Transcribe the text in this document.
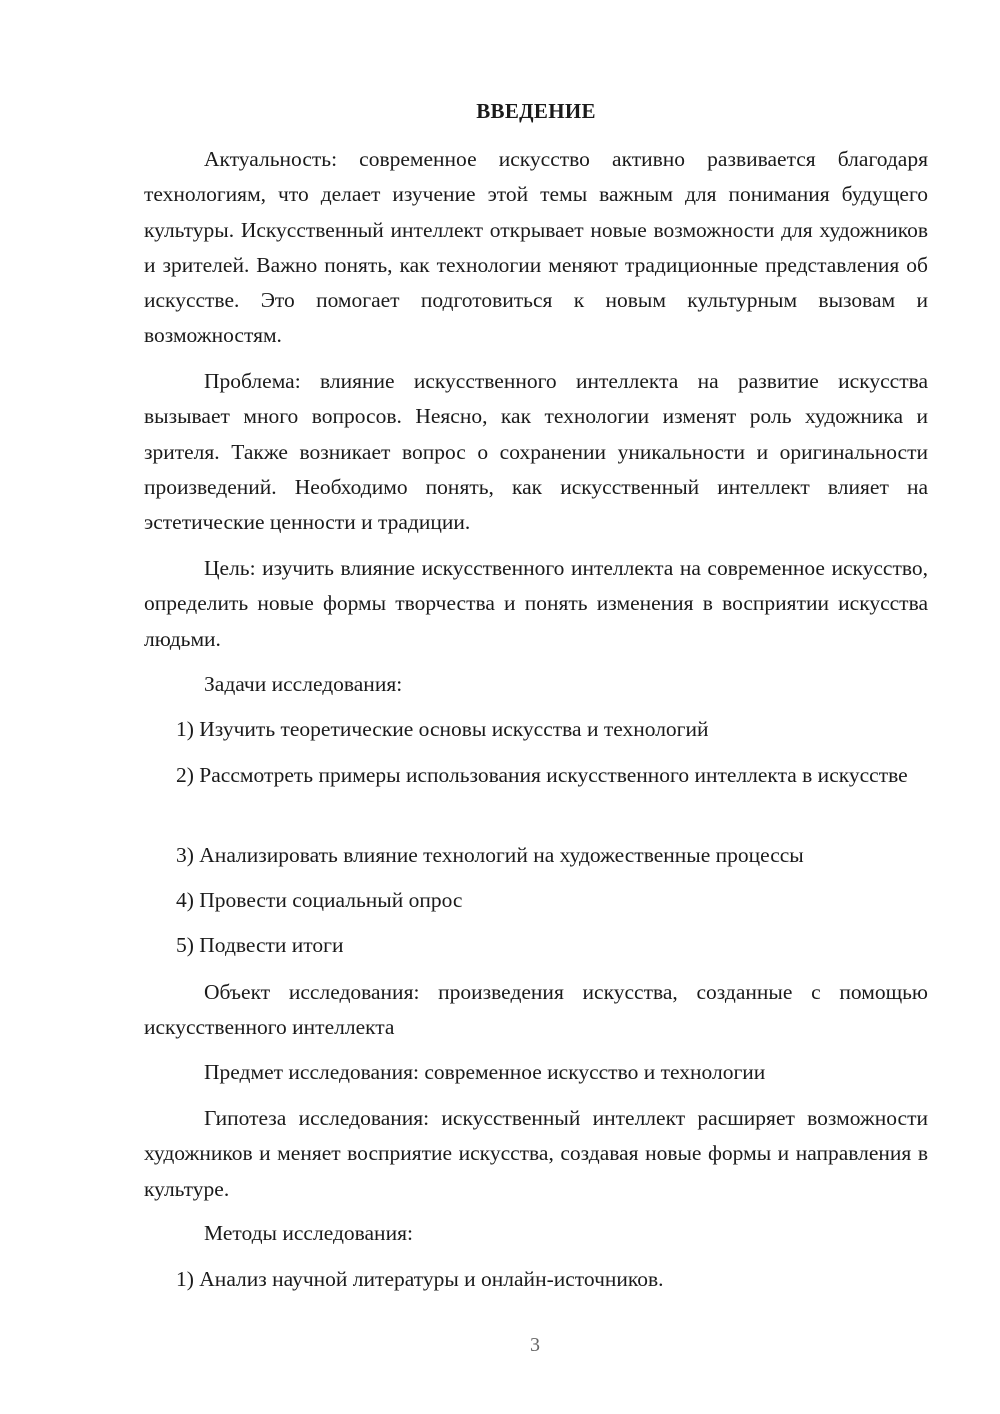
ВВЕДЕНИЕ

Актуальность: современное искусство активно развивается благодаря технологиям, что делает изучение этой темы важным для понимания будущего культуры. Искусственный интеллект открывает новые возможности для художников и зрителей. Важно понять, как технологии меняют традиционные представления об искусстве. Это помогает подготовиться к новым культурным вызовам и возможностям.

Проблема: влияние искусственного интеллекта на развитие искусства вызывает много вопросов. Неясно, как технологии изменят роль художника и зрителя. Также возникает вопрос о сохранении уникальности и оригинальности произведений. Необходимо понять, как искусственный интеллект влияет на эстетические ценности и традиции.

Цель: изучить влияние искусственного интеллекта на современное искусство, определить новые формы творчества и понять изменения в восприятии искусства людьми.

Задачи исследования:

1) Изучить теоретические основы искусства и технологий

2) Рассмотреть примеры использования искусственного интеллекта в искусстве

3) Анализировать влияние технологий на художественные процессы

4) Провести социальный опрос

5) Подвести итоги

Объект исследования: произведения искусства, созданные с помощью искусственного интеллекта

Предмет исследования: современное искусство и технологии

Гипотеза исследования: искусственный интеллект расширяет возможности художников и меняет восприятие искусства, создавая новые формы и направления в культуре.

Методы исследования:

1) Анализ научной литературы и онлайн-источников.

3
